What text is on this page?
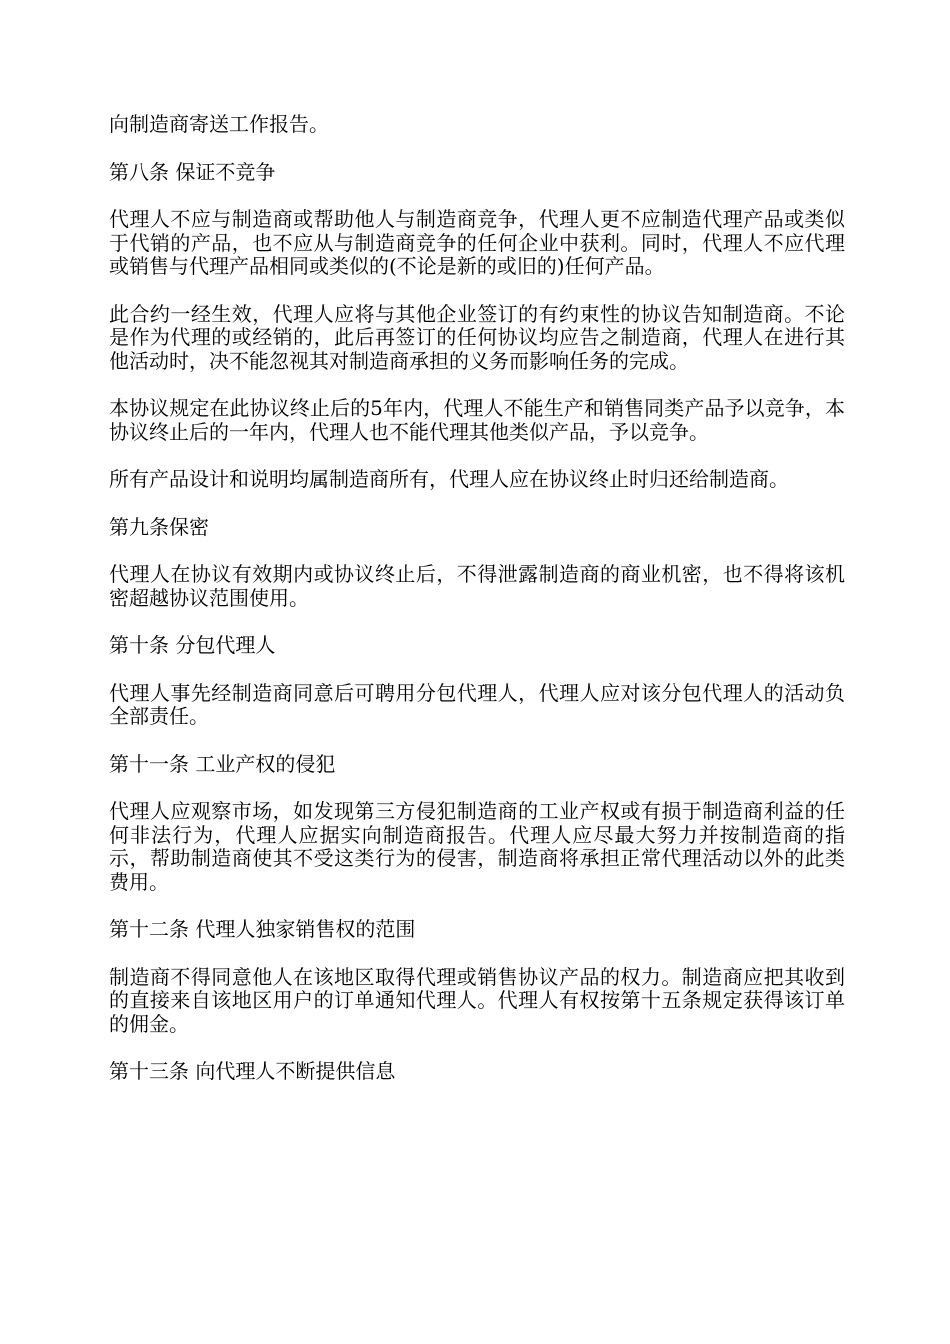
向制造商寄送工作报告。

第八条 保证不竞争

代理人不应与制造商或帮助他人与制造商竞争，代理人更不应制造代理产品或类似于代销的产品，也不应从与制造商竞争的任何企业中获利。同时，代理人不应代理或销售与代理产品相同或类似的(不论是新的或旧的)任何产品。

此合约一经生效，代理人应将与其他企业签订的有约束性的协议告知制造商。不论是作为代理的或经销的，此后再签订的任何协议均应告之制造商，代理人在进行其他活动时，决不能忽视其对制造商承担的义务而影响任务的完成。

本协议规定在此协议终止后的5年内，代理人不能生产和销售同类产品予以竞争，本协议终止后的一年内，代理人也不能代理其他类似产品，予以竞争。

所有产品设计和说明均属制造商所有，代理人应在协议终止时归还给制造商。

第九条保密

代理人在协议有效期内或协议终止后，不得泄露制造商的商业机密，也不得将该机密超越协议范围使用。

第十条 分包代理人

代理人事先经制造商同意后可聘用分包代理人，代理人应对该分包代理人的活动负全部责任。

第十一条 工业产权的侵犯

代理人应观察市场，如发现第三方侵犯制造商的工业产权或有损于制造商利益的任何非法行为，代理人应据实向制造商报告。代理人应尽最大努力并按制造商的指示，帮助制造商使其不受这类行为的侵害，制造商将承担正常代理活动以外的此类费用。

第十二条 代理人独家销售权的范围

制造商不得同意他人在该地区取得代理或销售协议产品的权力。制造商应把其收到的直接来自该地区用户的订单通知代理人。代理人有权按第十五条规定获得该订单的佣金。

第十三条 向代理人不断提供信息
